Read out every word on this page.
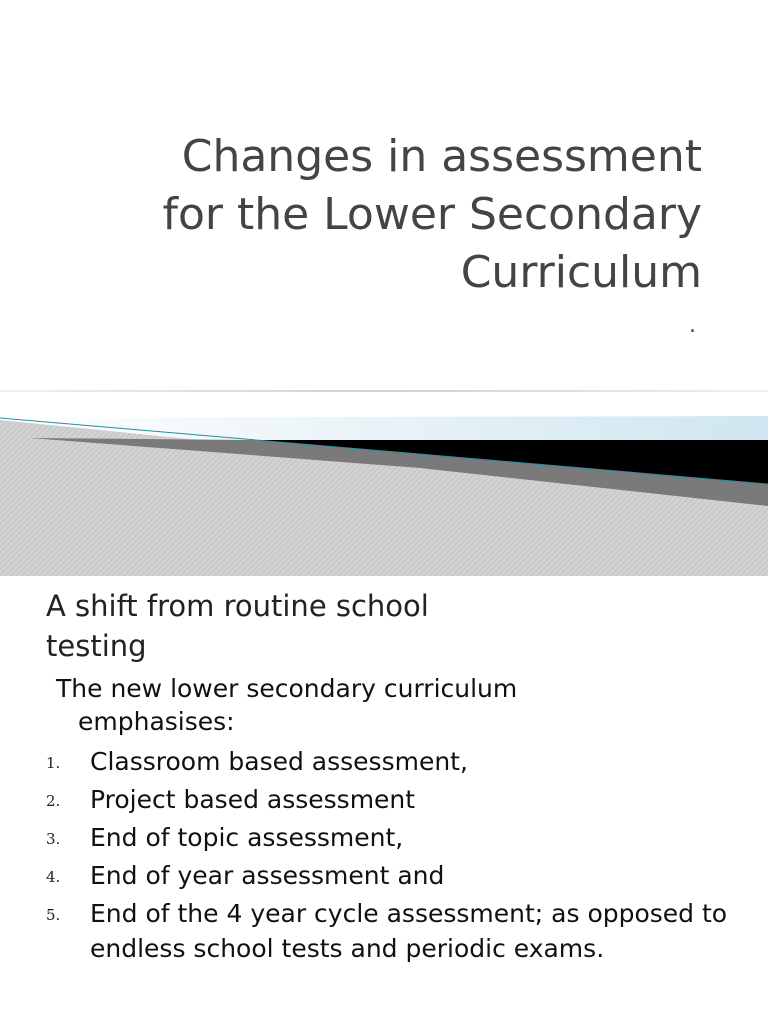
Changes in assessment
for the Lower Secondary
Curriculum
.
A shift from routine school
testing

The new lower secondary curriculum emphasises:

1. Classroom based assessment,
2. Project based assessment
3. End of topic assessment,
4. End of year assessment and
5. End of the 4 year cycle assessment; as opposed to endless school tests and periodic exams.
